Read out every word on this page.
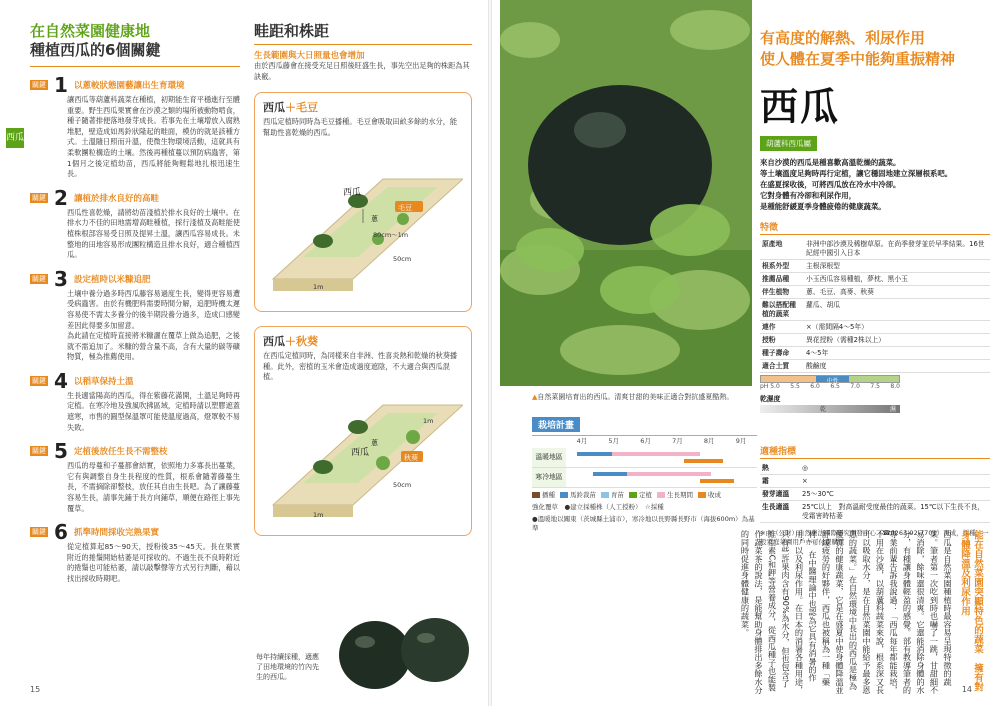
西瓜
在自然菜園健康地
種植西瓜的6個關鍵
關鍵 1 以蔥較狀態園藝讓出生育環境
讓西瓜等葫蘆科蔬菜在種植，初期能生育平穩進行至體重要。野生西瓜果實會在沙漠之類的場所被動物啃食，種子隨著排便落地發芽成長。若事先在土壤增放入腐熟堆肥，壁造成如馬鈴狀隆起的畦面，模仿的就是該種方式。土溫隨日照而升溫，使微生物環境活動，這就具有柔軟團粒構造的土壤。然後再種植蔓以預防病蟲害，第1個月之後定植幼苗，西瓜將能夠輕鬆地扎根迅速生長。
關鍵 2 讓植於排水良好的高畦
西瓜性喜乾燥，請將幼苗淺植於排水良好的土壤中。在排水力不佳的田地需增高畦種植，採行淺植及高畦能使植株根部容易受日照及提昇土溫，讓西瓜容易成長。未整地的田地容易形成團粒構造且排水良好，適合種植西瓜。
關鍵 3 設定植時以米糠追肥
土壤中養分過多時西瓜藤容易過度生長，變得更容易遭受病蟲害。由於有機肥料需要時間分解，追肥時機太遲容易使不需太多養分的後半期段養分過多，造成口感變差因此得要多加留意。
為此請在定植時直接將米糠灑在覆草上做為追肥，之後就不需追加了。米糠的營含量不高，含有大量的碳等礦物質，極為推薦使用。
關鍵 4 以稻草保持土溫
生長適當陽高的西瓜，得在紫藤花滿開，土溫足夠時再定植。在寒冷地及強風吹拂區域，定植時請以塑膠遮蓋遮寒，市售的圓型保溫罩可能使溫度過高，燈罩較不易失敗。
關鍵 5 定植後放任生長不需整枝
西瓜的母蔓和子蔓都會結實，依照地力多寡長出蔓葉，它有與調整自身生長程度的性質，根系會隨著藤蔓生長，不需摘除卻整枝，放任其自由生長吧。為了讓藤蔓容易生長，請事先鋪于長方向鋪草，順便在路徑上事先覆草。
關鍵 6 抓準時間採收完熟果實
從定植算起85〜90天，授粉後35〜45天。長在果實附近的捲鬚開始枯萎是可採收的。不過生長不良時附近的捲鬚也可能枯萎，請以敲擊聲等方式另行判斷，藉以找出採收時期吧。
畦距和株距
生長範圍與大日照量也會增加
由於西瓜藤會在接受充足日照後旺盛生長，事先空出足夠的株距為其訣竅。
西瓜＋毛豆
西瓜定植時同時為毛豆播種。毛豆會吸取田畝多餘的水分，能幫助性喜乾燥的西瓜。
西瓜
蔥
毛豆
80cm〜1m
50cm
1m
西瓜＋秋葵
在西瓜定植同時，為同樣來自非洲、性喜炎熱和乾燥的秋葵播種。此外，密植的玉米會造成過度遮陰，不大適合與西瓜混植。
西瓜
蔥
秋葵
1m
50cm
1m
每年持續採種，適應了田地環境的竹內先生的西瓜。
15
▲自然菜園培育出的西瓜。清爽甘甜的美味正適合對抗盛夏酷熱。
有高度的解熱、利尿作用
使人體在夏季中能夠重振精神
西瓜
葫蘆科西瓜屬
來自沙漠的西瓜是種喜歡高溫乾燥的蔬菜。
等土壤溫度足夠時再行定植，讓它穩固地建立深層根系吧。
在盛夏採收後，可將西瓜放在冷水中冷卻。
它對身體有冷卻和利尿作用，
是種能舒緩夏季身體疲倦的健康蔬菜。
特徵
原產地	非洲中部沙漠及稀樹草原。在尚季發芽並於早季結果。16世紀經中國引入日本
根系外型	主根深根型
推薦品種	小玉西瓜容易種植，夢枕、黑小玉
伴生植物	蔥、毛豆、高麥、秋葵
難以搭配種植的蔬菜	蘿瓜、胡瓜
連作	×（需間隔4〜5年）
授粉	異花授粉（需種2株以上）
種子壽命	4〜5年
適合土質	酸鹼度
中性
pH 5.0 5.5 6.0 6.5 7.0 7.5 8.0
乾濕度
乾	濕
栽培計畫
4月	5月	6月	7月	8月	9月
溫暖地區
寒冷地區
播種 馬鈴裁苗 育苗 定植 生長期間 收成
強化覆草　●建立採種株（人工授粉）　☆採種
●溫暖地以關東（茨城縣土浦市），寒冷地以長野縣長野市（海拔600m）為基準
適種指標
熱	◎
霜	×
發芽適溫	25〜30℃
生長適溫	25℃以上　對高溫耐受度最佳的蔬菜。15℃以下生長不良，受霜害時枯萎
※由（公財）自然農法國際研究開發中心（☎0263-92-7701）育成，採種，一般家庭菜園用戶亦可付費購買	能在自然菜園突顯特色的蔬菜　擁有對身體降溫及利尿作用
西瓜是自然菜園種植時最容易呈現特徵的蔬菜。筆者第一次吃到時也嚇了一跳，甘甜細不易消除，餘味還很清爽。它還能消除身體的水分，有種讓身體輕盈的感覺。部有教導筆者的專業前輩告訴我說過：「西瓜每年都能栽培，不用在沙漠，以葫蘆科蔬菜來說，根系深又長可以吸取水分，是在自然菜園中能給予最多恩惠的蔬菜。」在自然環境中長出的西瓜是極為優質的健康蔬菜，它是在盛夏中使身體降溫並舒緩疲勞的好夥伴，西瓜也被稱為一種「藥材」。在中醫理論中也認為它具有消暑的作用，以及利尿作用。在日本的消暑各種用途，只有些許果肉含有90%為水分，但也包含了維生素C和鉀等營養成分，從西瓜種子也能製作蔬菜茶的說法，是能幫助身體排出多餘水分的同時促進身體健康的蔬菜。
14
